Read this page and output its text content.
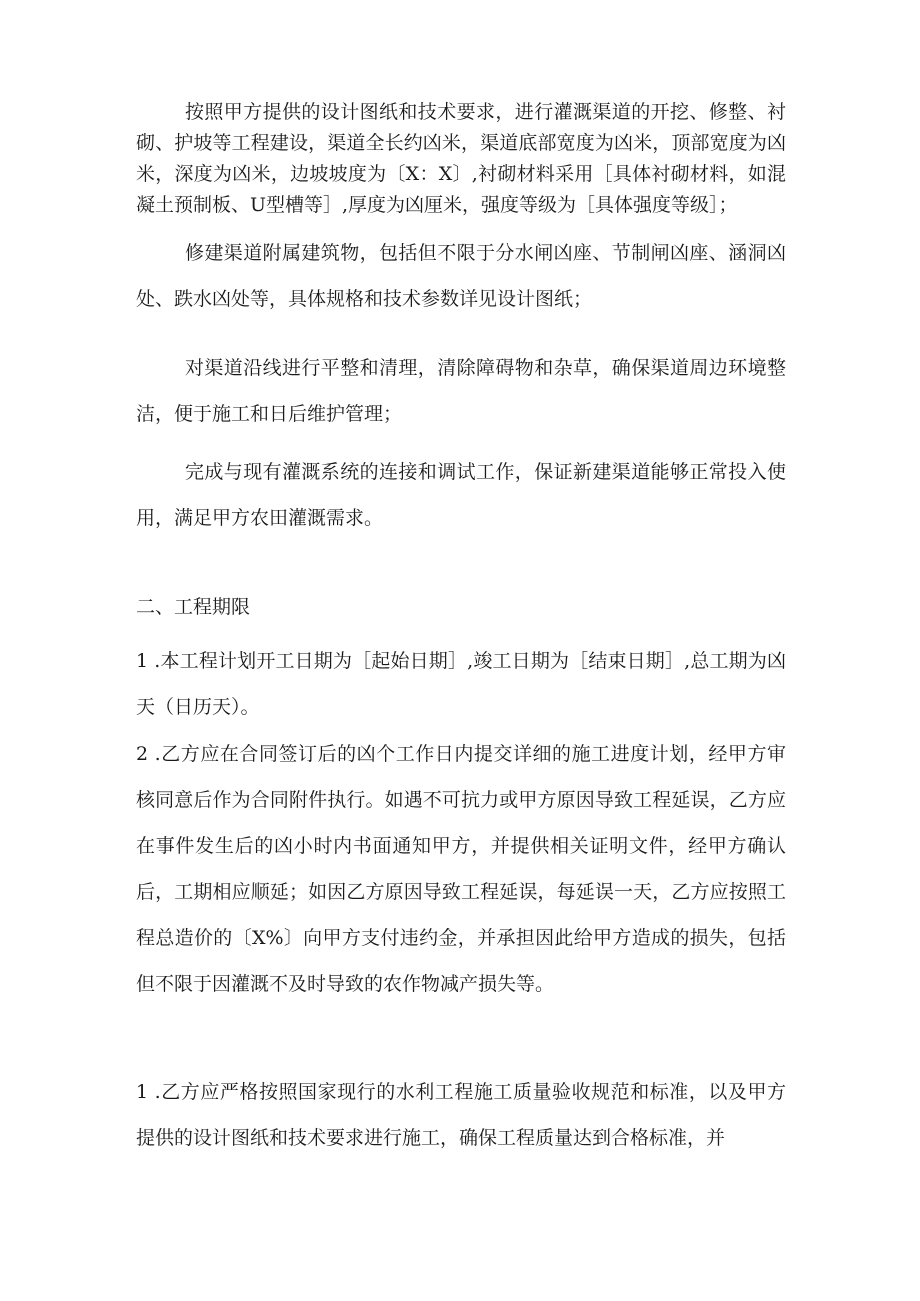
按照甲方提供的设计图纸和技术要求，进行灌溉渠道的开挖、修整、衬砌、护坡等工程建设，渠道全长约凶米，渠道底部宽度为凶米，顶部宽度为凶米，深度为凶米，边坡坡度为〔X：X〕,衬砌材料采用［具体衬砌材料，如混凝土预制板、U型槽等］,厚度为凶厘米，强度等级为［具体强度等级］；

修建渠道附属建筑物，包括但不限于分水闸凶座、节制闸凶座、涵洞凶处、跌水凶处等，具体规格和技术参数详见设计图纸；

对渠道沿线进行平整和清理，清除障碍物和杂草，确保渠道周边环境整洁，便于施工和日后维护管理；

完成与现有灌溉系统的连接和调试工作，保证新建渠道能够正常投入使用，满足甲方农田灌溉需求。

二、工程期限

1 .本工程计划开工日期为［起始日期］,竣工日期为［结束日期］,总工期为凶天（日历天）。

2 .乙方应在合同签订后的凶个工作日内提交详细的施工进度计划，经甲方审核同意后作为合同附件执行。如遇不可抗力或甲方原因导致工程延误，乙方应在事件发生后的凶小时内书面通知甲方，并提供相关证明文件，经甲方确认后，工期相应顺延；如因乙方原因导致工程延误，每延误一天，乙方应按照工程总造价的〔X%〕向甲方支付违约金，并承担因此给甲方造成的损失，包括但不限于因灌溉不及时导致的农作物减产损失等。

1 .乙方应严格按照国家现行的水利工程施工质量验收规范和标准，以及甲方提供的设计图纸和技术要求进行施工，确保工程质量达到合格标准，并
